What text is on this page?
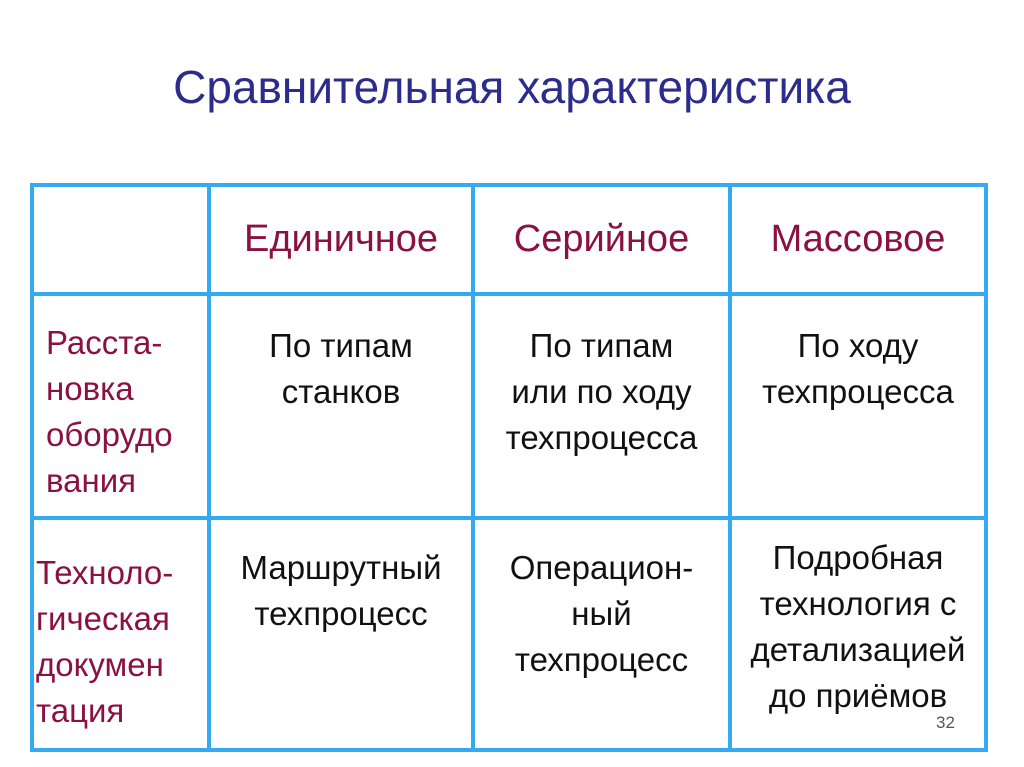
Сравнительная характеристика
Единичное	Серийное	Массовое
Расста-
новка
оборудо
вания
По типам
станков
По типам
или по ходу
техпроцесса
По ходу
техпроцесса
Техноло-
гическая
докумен
тация
Маршрутный
техпроцесс
Операцион-
ный
техпроцесс
Подробная
технология с
детализацией
до приёмов
32
